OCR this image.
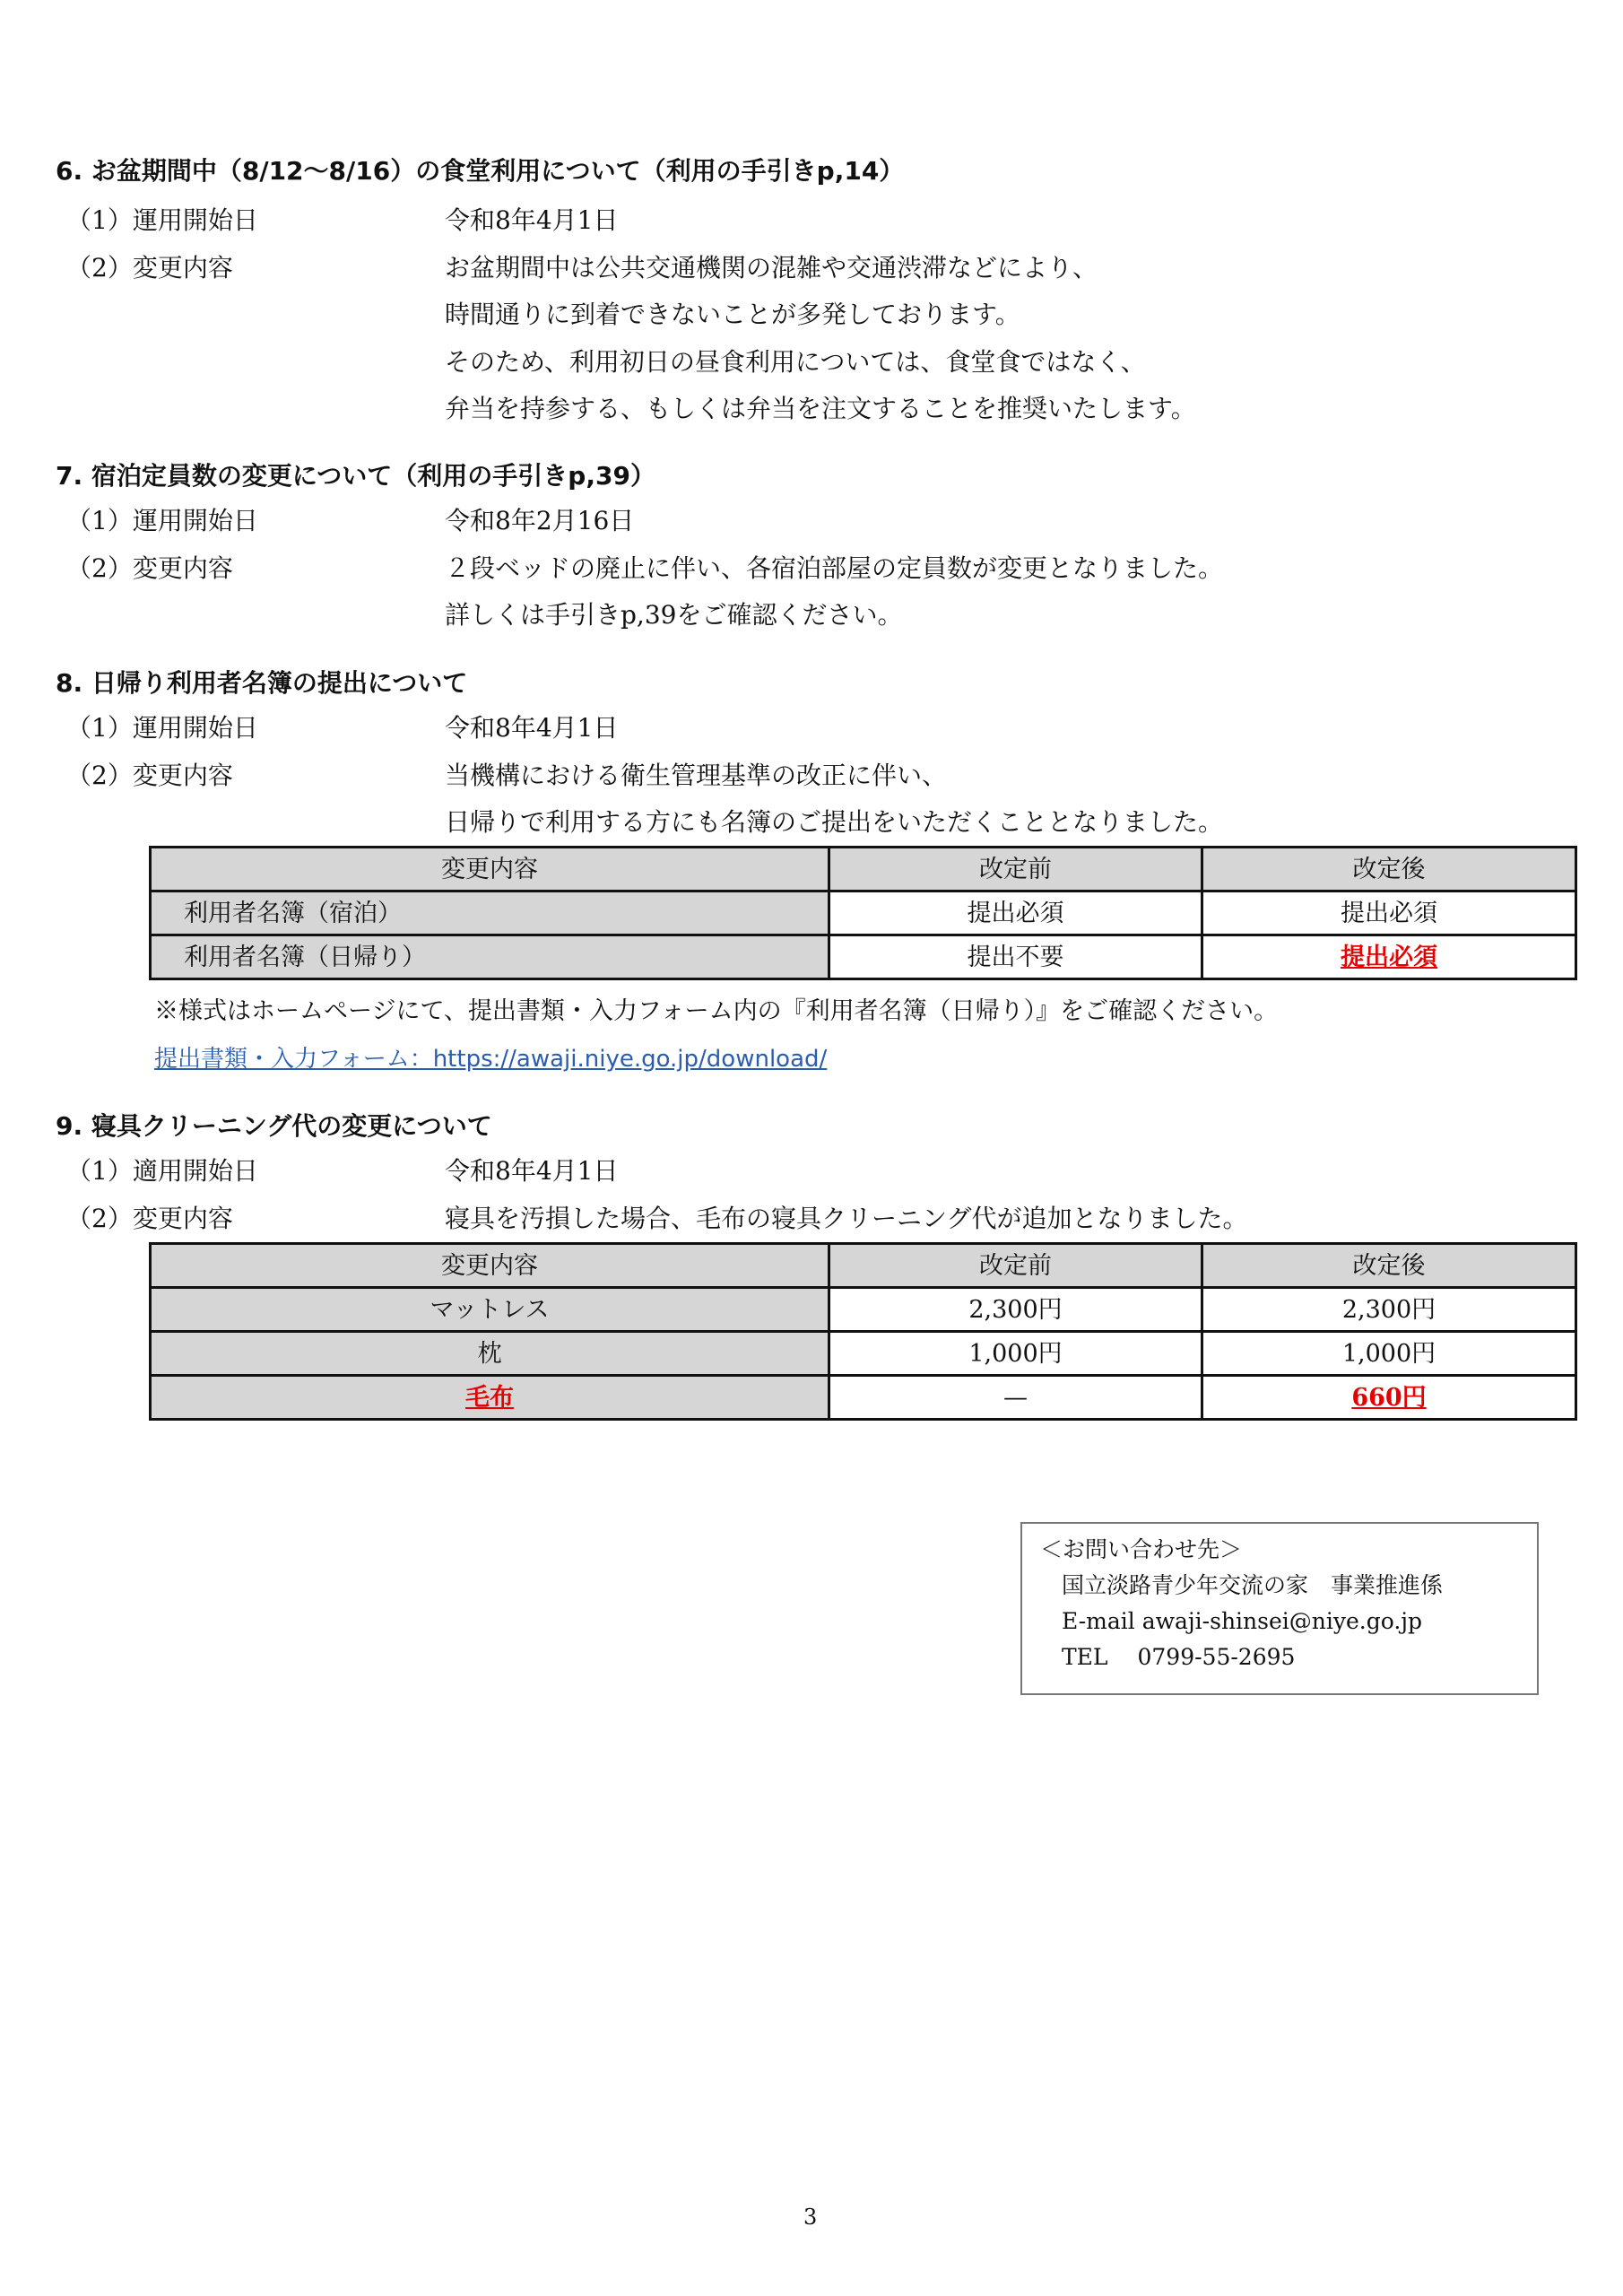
6. お盆期間中（8/12〜8/16）の食堂利用について（利用の手引きp,14）
（1）運用開始日	令和8年4月1日
（2）変更内容	お盆期間中は公共交通機関の混雑や交通渋滞などにより、
時間通りに到着できないことが多発しております。
そのため、利用初日の昼食利用については、食堂食ではなく、
弁当を持参する、もしくは弁当を注文することを推奨いたします。
7. 宿泊定員数の変更について（利用の手引きp,39）
（1）運用開始日	令和8年2月16日
（2）変更内容	２段ベッドの廃止に伴い、各宿泊部屋の定員数が変更となりました。
詳しくは手引きp,39をご確認ください。
8. 日帰り利用者名簿の提出について
（1）運用開始日	令和8年4月1日
（2）変更内容	当機構における衛生管理基準の改正に伴い、
日帰りで利用する方にも名簿のご提出をいただくこととなりました。
変更内容	改定前	改定後
利用者名簿（宿泊）	提出必須	提出必須
利用者名簿（日帰り）	提出不要	提出必須
※様式はホームページにて、提出書類・入力フォーム内の『利用者名簿（日帰り）』をご確認ください。
提出書類・入力フォーム：https://awaji.niye.go.jp/download/
9. 寝具クリーニング代の変更について
（1）適用開始日	令和8年4月1日
（2）変更内容	寝具を汚損した場合、毛布の寝具クリーニング代が追加となりました。
変更内容	改定前	改定後
マットレス	2,300円	2,300円
枕	1,000円	1,000円
毛布	—	660円
＜お問い合わせ先＞
国立淡路青少年交流の家　事業推進係
E-mail awaji-shinsei@niye.go.jp
TEL　 0799-55-2695
3
